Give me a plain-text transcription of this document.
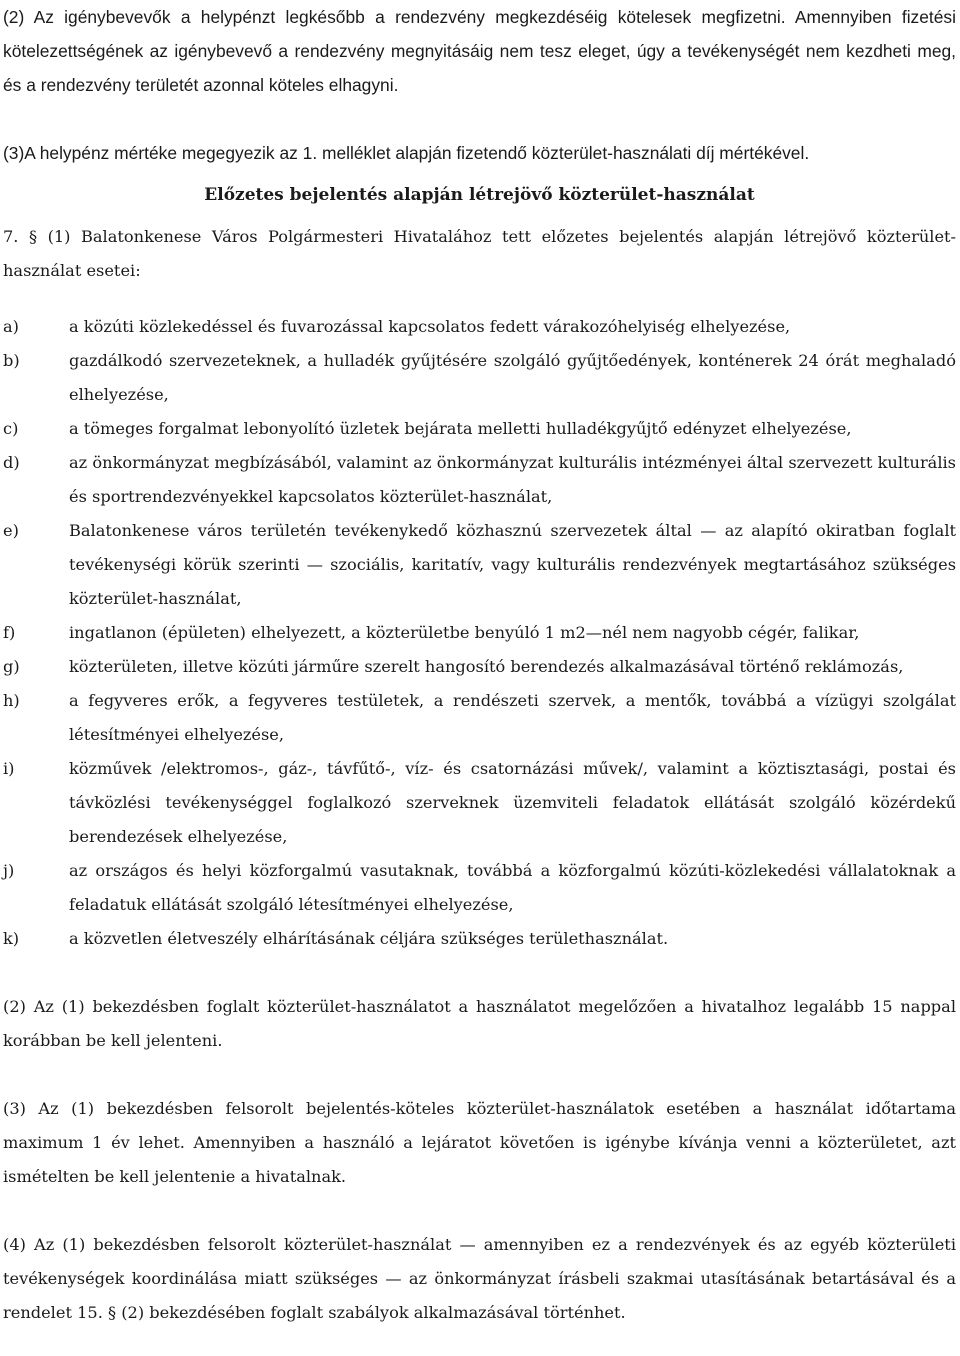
(2) Az igénybevevők a helypénzt legkésőbb a rendezvény megkezdéséig kötelesek megfizetni. Amennyiben fizetési kötelezettségének az igénybevevő a rendezvény megnyitásáig nem tesz eleget, úgy a tevékenységét nem kezdheti meg, és a rendezvény területét azonnal köteles elhagyni.

(3)A helypénz mértéke megegyezik az 1. melléklet alapján fizetendő közterület-használati díj mértékével.

Előzetes bejelentés alapján létrejövő közterület-használat

7. § (1) Balatonkenese Város Polgármesteri Hivatalához tett előzetes bejelentés alapján létrejövő közterület-használat esetei:

a)	a közúti közlekedéssel és fuvarozással kapcsolatos fedett várakozóhelyiség elhelyezése,
b)	gazdálkodó szervezeteknek, a hulladék gyűjtésére szolgáló gyűjtőedények, konténerek 24 órát meghaladó elhelyezése,
c)	a tömeges forgalmat lebonyolító üzletek bejárata melletti hulladékgyűjtő edényzet elhelyezése,
d)	az önkormányzat megbízásából, valamint az önkormányzat kulturális intézményei által szervezett kulturális és sportrendezvényekkel kapcsolatos közterület-használat,
e)	Balatonkenese város területén tevékenykedő közhasznú szervezetek által — az alapító okiratban foglalt tevékenységi körük szerinti — szociális, karitatív, vagy kulturális rendezvények megtartásához szükséges közterület-használat,
f)	ingatlanon (épületen) elhelyezett, a közterületbe benyúló 1 m2—nél nem nagyobb cégér, falikar,
g)	közterületen, illetve közúti járműre szerelt hangosító berendezés alkalmazásával történő reklámozás,
h)	a fegyveres erők, a fegyveres testületek, a rendészeti szervek, a mentők, továbbá a vízügyi szolgálat létesítményei elhelyezése,
i)	közművek /elektromos-, gáz-, távfűtő-, víz- és csatornázási művek/, valamint a köztisztasági, postai és távközlési tevékenységgel foglalkozó szerveknek üzemviteli feladatok ellátását szolgáló közérdekű berendezések elhelyezése,
j)	az országos és helyi közforgalmú vasutaknak, továbbá a közforgalmú közúti-közlekedési vállalatoknak a feladatuk ellátását szolgáló létesítményei elhelyezése,
k)	a közvetlen életveszély elhárításának céljára szükséges területhasználat.

(2) Az (1) bekezdésben foglalt közterület-használatot a használatot megelőzően a hivatalhoz legalább 15 nappal korábban be kell jelenteni.

(3) Az (1) bekezdésben felsorolt bejelentés-köteles közterület-használatok esetében a használat időtartama maximum 1 év lehet. Amennyiben a használó a lejáratot követően is igénybe kívánja venni a közterületet, azt ismételten be kell jelentenie a hivatalnak.

(4) Az (1) bekezdésben felsorolt közterület-használat — amennyiben ez a rendezvények és az egyéb közterületi tevékenységek koordinálása miatt szükséges — az önkormányzat írásbeli szakmai utasításának betartásával és a rendelet 15. § (2) bekezdésében foglalt szabályok alkalmazásával történhet.
